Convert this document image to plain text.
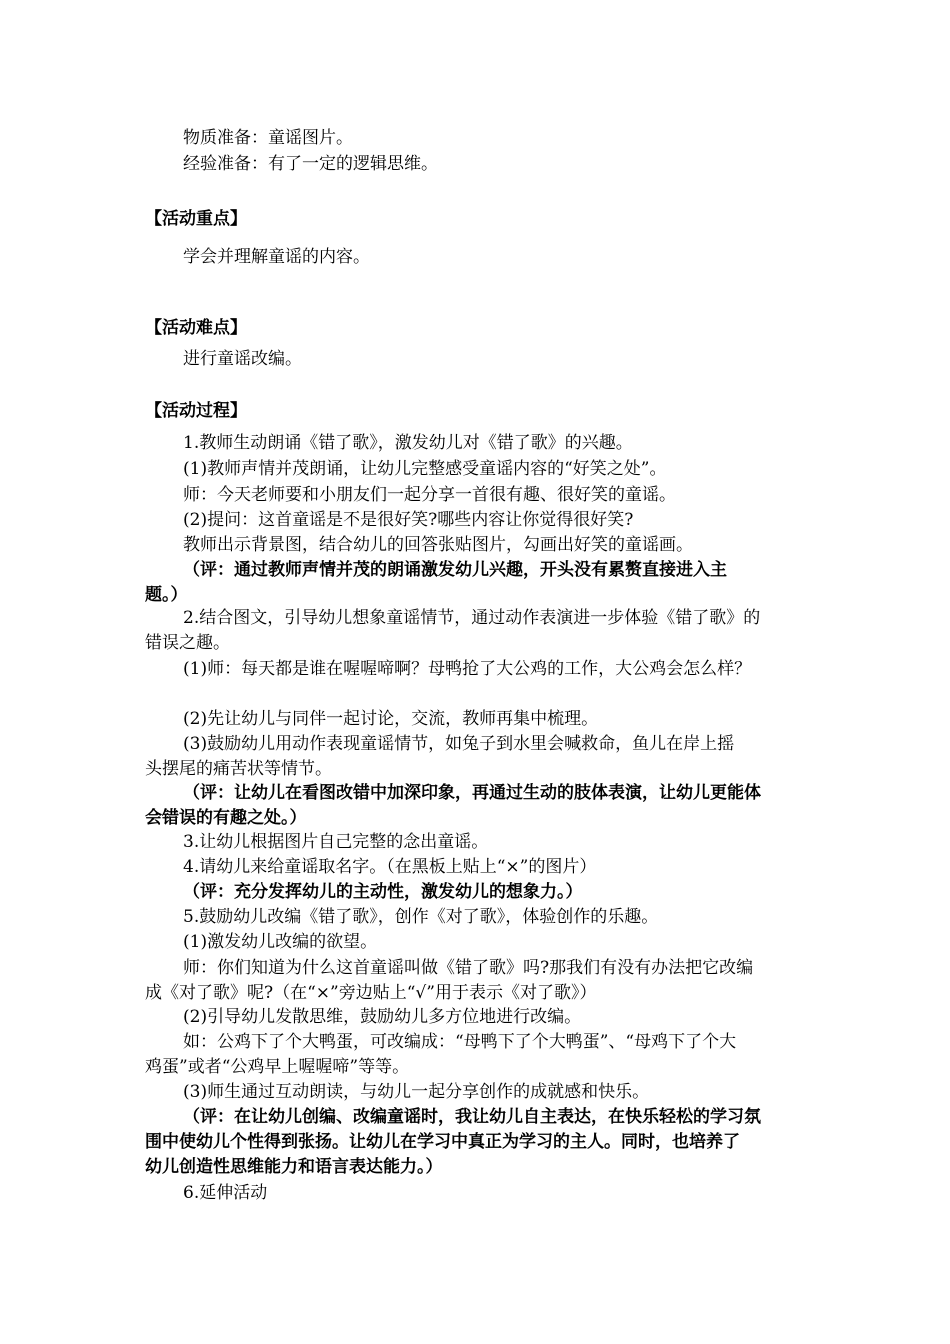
物质准备：童谣图片。
经验准备：有了一定的逻辑思维。
【活动重点】
学会并理解童谣的内容。
【活动难点】
进行童谣改编。
【活动过程】
1.教师生动朗诵《错了歌》，激发幼儿对《错了歌》的兴趣。
(1)教师声情并茂朗诵，让幼儿完整感受童谣内容的“好笑之处”。
师：今天老师要和小朋友们一起分享一首很有趣、很好笑的童谣。
(2)提问：这首童谣是不是很好笑?哪些内容让你觉得很好笑?
教师出示背景图，结合幼儿的回答张贴图片，勾画出好笑的童谣画。
（评：通过教师声情并茂的朗诵激发幼儿兴趣，开头没有累赘直接进入主
题。）
2.结合图文，引导幼儿想象童谣情节，通过动作表演进一步体验《错了歌》的
错误之趣。
(1)师：每天都是谁在喔喔啼啊？母鸭抢了大公鸡的工作，大公鸡会怎么样？
(2)先让幼儿与同伴一起讨论，交流，教师再集中梳理。
(3)鼓励幼儿用动作表现童谣情节，如兔子到水里会喊救命，鱼儿在岸上摇
头摆尾的痛苦状等情节。
（评：让幼儿在看图改错中加深印象，再通过生动的肢体表演，让幼儿更能体
会错误的有趣之处。）
3.让幼儿根据图片自己完整的念出童谣。
4.请幼儿来给童谣取名字。（在黑板上贴上“×”的图片）
（评：充分发挥幼儿的主动性，激发幼儿的想象力。）
5.鼓励幼儿改编《错了歌》，创作《对了歌》，体验创作的乐趣。
(1)激发幼儿改编的欲望。
师：你们知道为什么这首童谣叫做《错了歌》吗?那我们有没有办法把它改编
成《对了歌》呢?（在“×”旁边贴上“√”用于表示《对了歌》）
(2)引导幼儿发散思维，鼓励幼儿多方位地进行改编。
如：公鸡下了个大鸭蛋，可改编成：“母鸭下了个大鸭蛋”、“母鸡下了个大
鸡蛋”或者“公鸡早上喔喔啼”等等。
(3)师生通过互动朗读，与幼儿一起分享创作的成就感和快乐。
（评：在让幼儿创编、改编童谣时，我让幼儿自主表达，在快乐轻松的学习氛
围中使幼儿个性得到张扬。让幼儿在学习中真正为学习的主人。同时，也培养了
幼儿创造性思维能力和语言表达能力。）
6.延伸活动
